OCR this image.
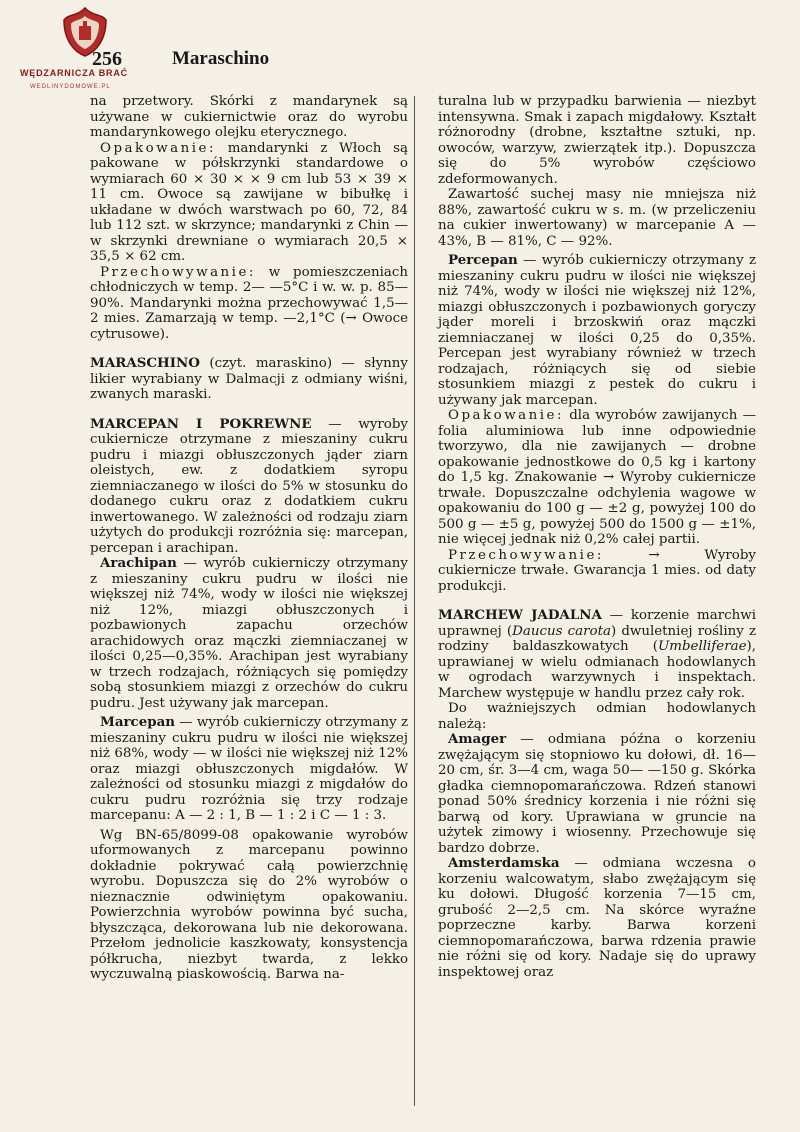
WĘDZARNICZA BRAĆ
WEDLINYDOMOWE.PL
256	Maraschino

na przetwory. Skórki z mandarynek są używane w cukiernictwie oraz do wyrobu mandarynkowego olejku eterycznego.

Opakowanie: mandarynki z Włoch są pakowane w półskrzynki standardowe o wymiarach 60 × 30 × × 9 cm lub 53 × 39 × 11 cm. Owoce są zawijane w bibułkę i układane w dwóch warstwach po 60, 72, 84 lub 112 szt. w skrzynce; mandarynki z Chin — w skrzynki drewniane o wymiarach 20,5 × 35,5 × 62 cm.

Przechowywanie: w pomieszczeniach chłodniczych w temp. 2— —5°C i w. w. p. 85—90%. Mandarynki można przechowywać 1,5—2 mies. Zamarzają w temp. —2,1°C (→ Owoce cytrusowe).

MARASCHINO (czyt. maraskino) — słynny likier wyrabiany w Dalmacji z odmiany wiśni, zwanych maraski.

MARCEPAN I POKREWNE — wyroby cukiernicze otrzymane z mieszaniny cukru pudru i miazgi obłuszczonych jąder ziarn oleistych, ew. z dodatkiem syropu ziemniaczanego w ilości do 5% w stosunku do dodanego cukru oraz z dodatkiem cukru inwertowanego. W zależności od rodzaju ziarn użytych do produkcji rozróżnia się: marcepan, percepan i arachipan.

Arachipan — wyrób cukierniczy otrzymany z mieszaniny cukru pudru w ilości nie większej niż 74%, wody w ilości nie większej niż 12%, miazgi obłuszczonych i pozbawionych zapachu orzechów arachidowych oraz mączki ziemniaczanej w ilości 0,25—0,35%. Arachipan jest wyrabiany w trzech rodzajach, różniących się pomiędzy sobą stosunkiem miazgi z orzechów do cukru pudru. Jest używany jak marcepan.

Marcepan — wyrób cukierniczy otrzymany z mieszaniny cukru pudru w ilości nie większej niż 68%, wody — w ilości nie większej niż 12% oraz miazgi obłuszczonych migdałów. W zależności od stosunku miazgi z migdałów do cukru pudru rozróżnia się trzy rodzaje marcepanu: A — 2 : 1, B — 1 : 2 i C — 1 : 3.

Wg BN-65/8099-08 opakowanie wyrobów uformowanych z marcepanu powinno dokładnie pokrywać całą powierzchnię wyrobu. Dopuszcza się do 2% wyrobów o nieznacznie odwiniętym opakowaniu. Powierzchnia wyrobów powinna być sucha, błyszcząca, dekorowana lub nie dekorowana. Przełom jednolicie kaszkowaty, konsystencja półkrucha, niezbyt twarda, z lekko wyczuwalną piaskowością. Barwa na-

turalna lub w przypadku barwienia — niezbyt intensywna. Smak i zapach migdałowy. Kształt różnorodny (drobne, kształtne sztuki, np. owoców, warzyw, zwierzątek itp.). Dopuszcza się do 5% wyrobów częściowo zdeformowanych.

Zawartość suchej masy nie mniejsza niż 88%, zawartość cukru w s. m. (w przeliczeniu na cukier inwertowany) w marcepanie A — 43%, B — 81%, C — 92%.

Percepan — wyrób cukierniczy otrzymany z mieszaniny cukru pudru w ilości nie większej niż 74%, wody w ilości nie większej niż 12%, miazgi obłuszczonych i pozbawionych goryczy jąder moreli i brzoskwiń oraz mączki ziemniaczanej w ilości 0,25 do 0,35%. Percepan jest wyrabiany również w trzech rodzajach, różniących się od siebie stosunkiem miazgi z pestek do cukru i używany jak marcepan.

Opakowanie: dla wyrobów zawijanych — folia aluminiowa lub inne odpowiednie tworzywo, dla nie zawijanych — drobne opakowanie jednostkowe do 0,5 kg i kartony do 1,5 kg. Znakowanie → Wyroby cukiernicze trwałe. Dopuszczalne odchylenia wagowe w opakowaniu do 100 g — ±2 g, powyżej 100 do 500 g — ±5 g, powyżej 500 do 1500 g — ±1%, nie więcej jednak niż 0,2% całej partii.

Przechowywanie: → Wyroby cukiernicze trwałe. Gwarancja 1 mies. od daty produkcji.

MARCHEW JADALNA — korzenie marchwi uprawnej (Daucus carota) dwuletniej rośliny z rodziny baldaszkowatych (Umbelliferae), uprawianej w wielu odmianach hodowlanych w ogrodach warzywnych i inspektach. Marchew występuje w handlu przez cały rok.

Do ważniejszych odmian hodowlanych należą:

Amager — odmiana późna o korzeniu zwężającym się stopniowo ku dołowi, dł. 16—20 cm, śr. 3—4 cm, waga 50— —150 g. Skórka gładka ciemnopomarańczowa. Rdzeń stanowi ponad 50% średnicy korzenia i nie różni się barwą od kory. Uprawiana w gruncie na użytek zimowy i wiosenny. Przechowuje się bardzo dobrze.

Amsterdamska — odmiana wczesna o korzeniu walcowatym, słabo zwężającym się ku dołowi. Długość korzenia 7—15 cm, grubość 2—2,5 cm. Na skórce wyraźne poprzeczne karby. Barwa korzeni ciemnopomarańczowa, barwa rdzenia prawie nie różni się od kory. Nadaje się do uprawy inspektowej oraz
